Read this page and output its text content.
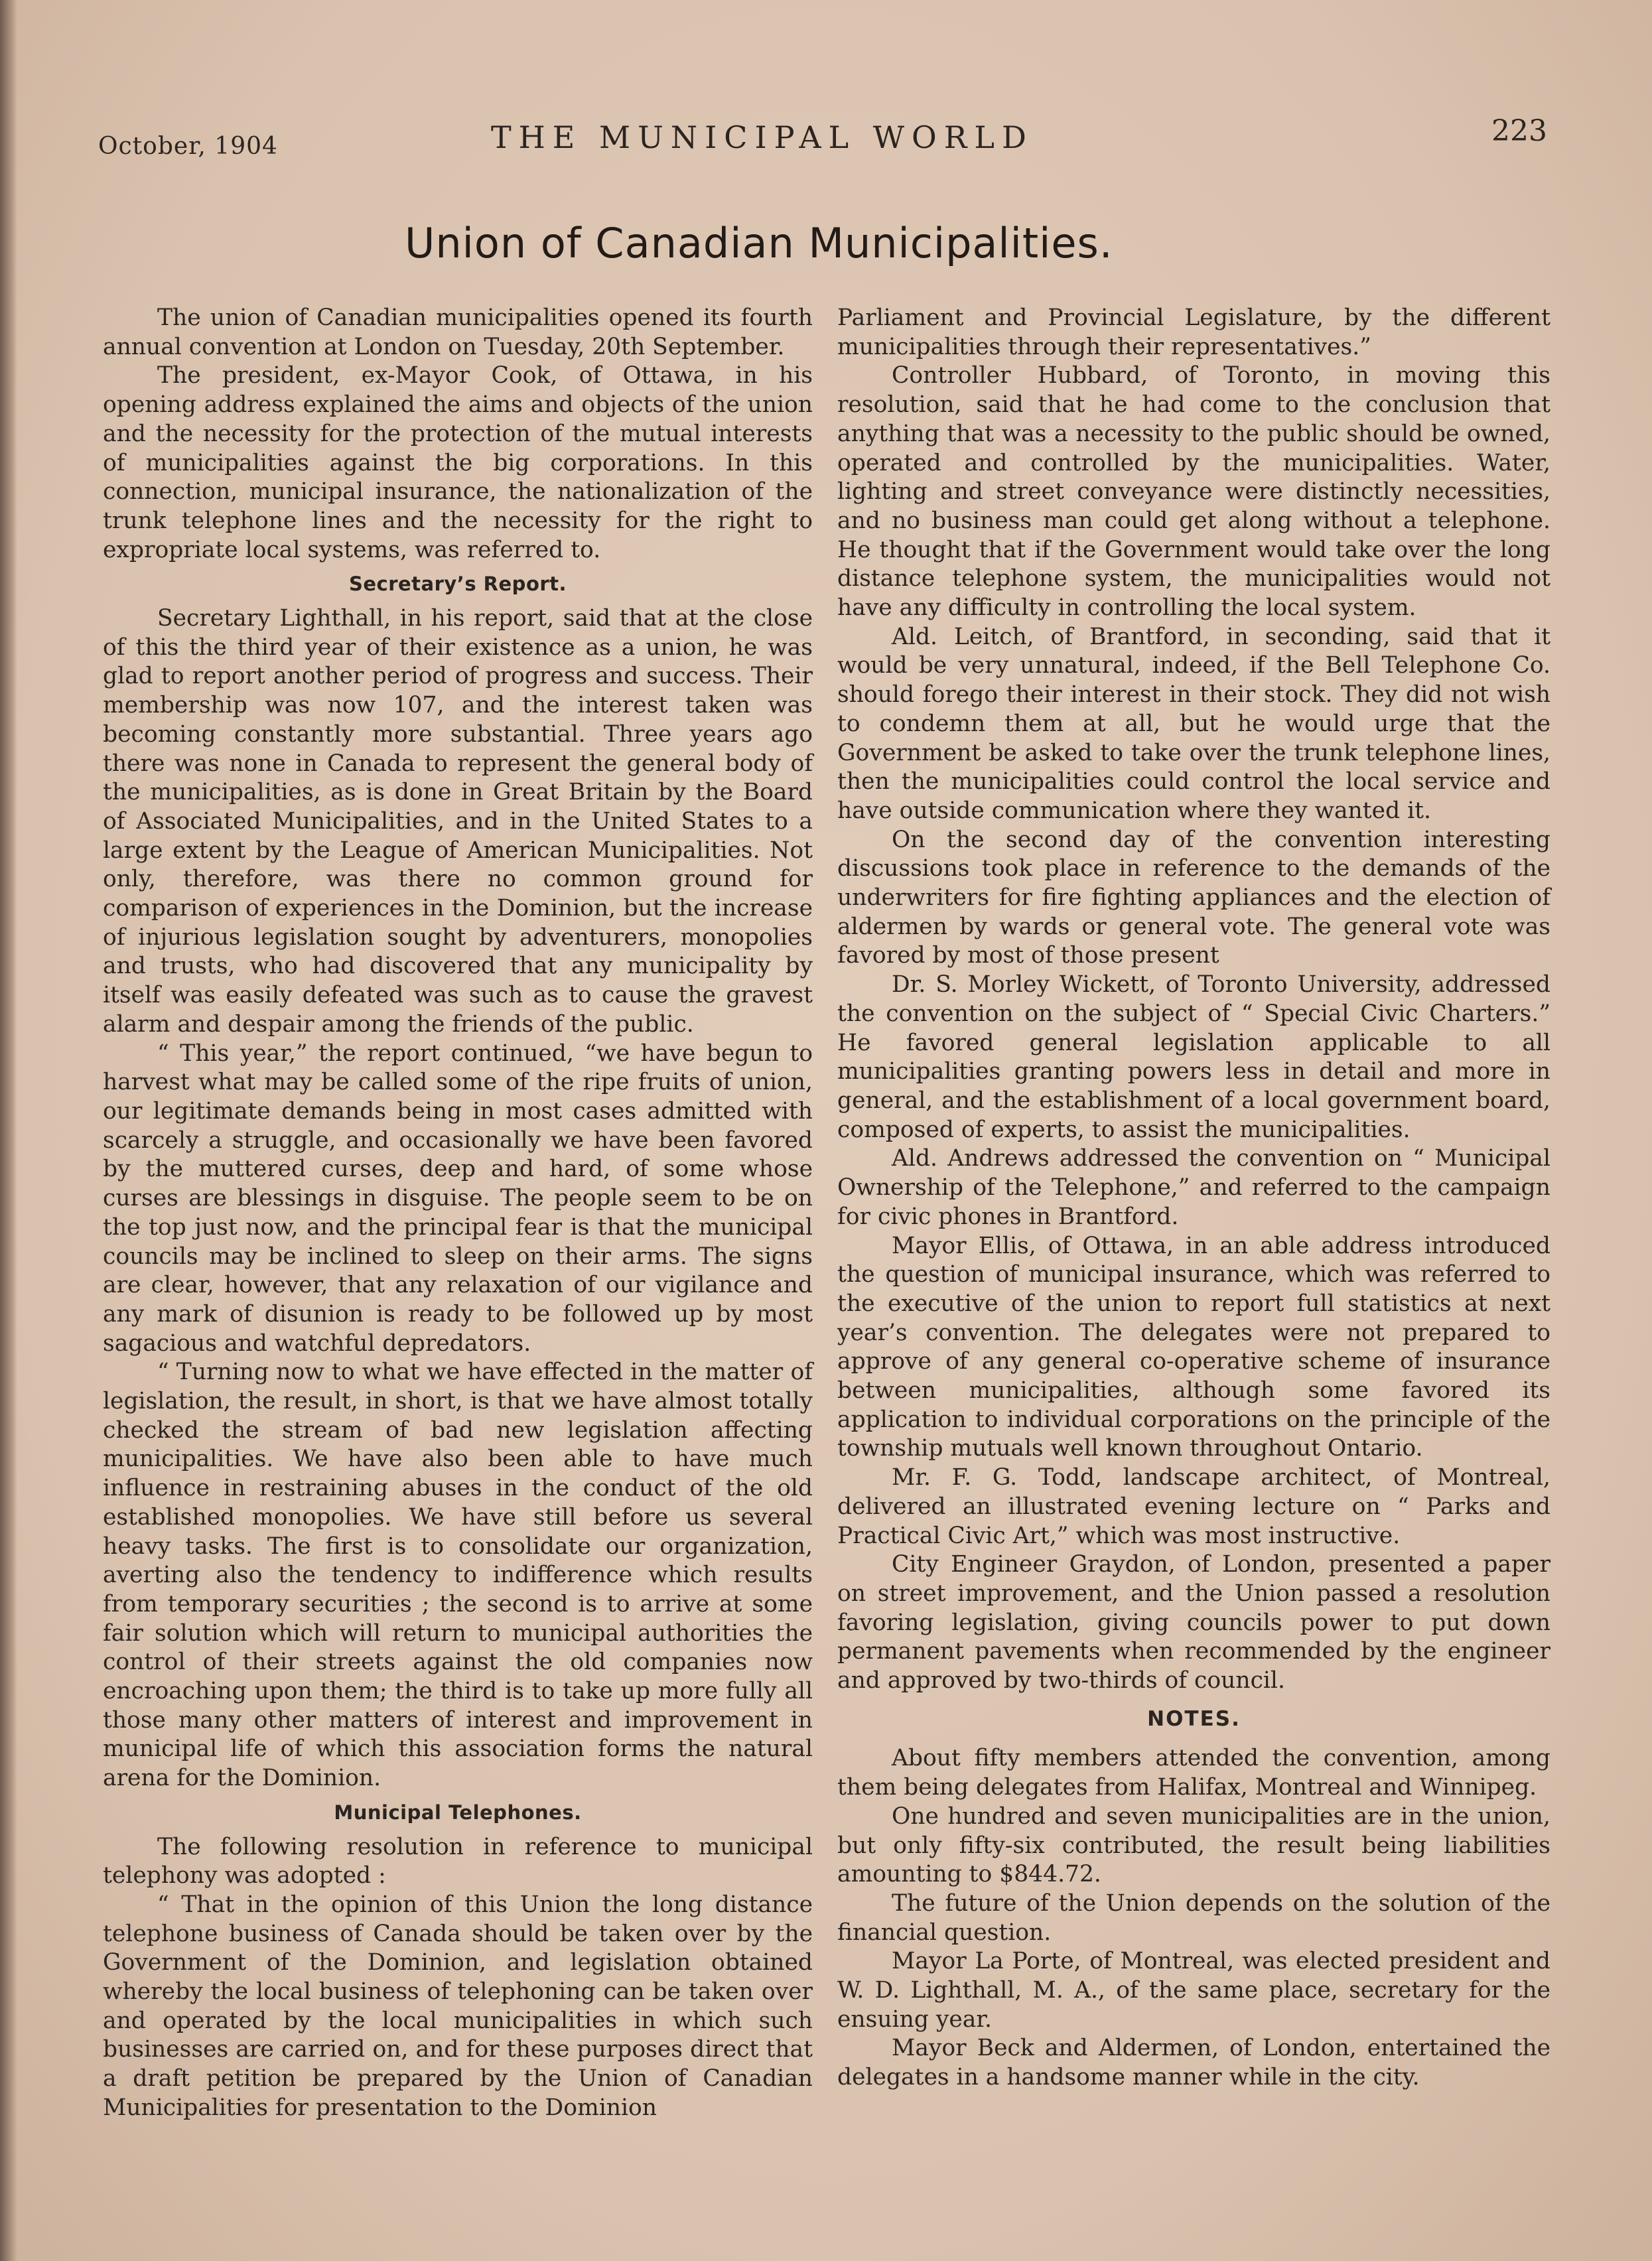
October, 1904	THE MUNICIPAL WORLD	223
Union of Canadian Municipalities.

The union of Canadian municipalities opened its fourth annual convention at London on Tuesday, 20th September.

The president, ex-Mayor Cook, of Ottawa, in his opening address explained the aims and objects of the union and the necessity for the protection of the mutual interests of municipalities against the big corporations. In this connection, municipal insurance, the nationalization of the trunk telephone lines and the necessity for the right to expropriate local systems, was referred to.

Secretary’s Report.

Secretary Lighthall, in his report, said that at the close of this the third year of their existence as a union, he was glad to report another period of progress and success. Their membership was now 107, and the interest taken was becoming constantly more substantial. Three years ago there was none in Canada to represent the general body of the municipalities, as is done in Great Britain by the Board of Associated Municipalities, and in the United States to a large extent by the League of American Municipalities. Not only, therefore, was there no common ground for comparison of experiences in the Dominion, but the increase of injurious legislation sought by adventurers, monopolies and trusts, who had discovered that any municipality by itself was easily defeated was such as to cause the gravest alarm and despair among the friends of the public.

“ This year,” the report continued, “we have begun to harvest what may be called some of the ripe fruits of union, our legitimate demands being in most cases admitted with scarcely a struggle, and occasionally we have been favored by the muttered curses, deep and hard, of some whose curses are blessings in disguise. The people seem to be on the top just now, and the principal fear is that the municipal councils may be inclined to sleep on their arms. The signs are clear, however, that any relaxation of our vigilance and any mark of disunion is ready to be followed up by most sagacious and watchful depredators.

“ Turning now to what we have effected in the matter of legislation, the result, in short, is that we have almost totally checked the stream of bad new legislation affecting municipalities. We have also been able to have much influence in restraining abuses in the conduct of the old established monopolies. We have still before us several heavy tasks. The first is to consolidate our organization, averting also the tendency to indifference which results from temporary securities ; the second is to arrive at some fair solution which will return to municipal authorities the control of their streets against the old companies now encroaching upon them; the third is to take up more fully all those many other matters of interest and improvement in municipal life of which this association forms the natural arena for the Dominion.

Municipal Telephones.

The following resolution in reference to municipal telephony was adopted :

“ That in the opinion of this Union the long distance telephone business of Canada should be taken over by the Government of the Dominion, and legislation obtained whereby the local business of telephoning can be taken over and operated by the local municipalities in which such businesses are carried on, and for these purposes direct that a draft petition be prepared by the Union of Canadian Municipalities for presentation to the Dominion

Parliament and Provincial Legislature, by the different municipalities through their representatives.”

Controller Hubbard, of Toronto, in moving this resolution, said that he had come to the conclusion that anything that was a necessity to the public should be owned, operated and controlled by the municipalities. Water, lighting and street conveyance were distinctly necessities, and no business man could get along without a telephone. He thought that if the Government would take over the long distance telephone system, the municipalities would not have any difficulty in controlling the local system.

Ald. Leitch, of Brantford, in seconding, said that it would be very unnatural, indeed, if the Bell Telephone Co. should forego their interest in their stock. They did not wish to condemn them at all, but he would urge that the Government be asked to take over the trunk telephone lines, then the municipalities could control the local service and have outside communication where they wanted it.

On the second day of the convention interesting discussions took place in reference to the demands of the underwriters for fire fighting appliances and the election of aldermen by wards or general vote. The general vote was favored by most of those present

Dr. S. Morley Wickett, of Toronto University, addressed the convention on the subject of “ Special Civic Charters.” He favored general legislation applicable to all municipalities granting powers less in detail and more in general, and the establishment of a local government board, composed of experts, to assist the municipalities.

Ald. Andrews addressed the convention on “ Municipal Ownership of the Telephone,” and referred to the campaign for civic phones in Brantford.

Mayor Ellis, of Ottawa, in an able address introduced the question of municipal insurance, which was referred to the executive of the union to report full statistics at next year’s convention. The delegates were not prepared to approve of any general co-operative scheme of insurance between municipalities, although some favored its application to individual corporations on the principle of the township mutuals well known throughout Ontario.

Mr. F. G. Todd, landscape architect, of Montreal, delivered an illustrated evening lecture on “ Parks and Practical Civic Art,” which was most instructive.

City Engineer Graydon, of London, presented a paper on street improvement, and the Union passed a resolution favoring legislation, giving councils power to put down permanent pavements when recommended by the engineer and approved by two-thirds of council.

NOTES.

About fifty members attended the convention, among them being delegates from Halifax, Montreal and Winnipeg.

One hundred and seven municipalities are in the union, but only fifty-six contributed, the result being liabilities amounting to $844.72.

The future of the Union depends on the solution of the financial question.

Mayor La Porte, of Montreal, was elected president and W. D. Lighthall, M. A., of the same place, secretary for the ensuing year.

Mayor Beck and Aldermen, of London, entertained the delegates in a handsome manner while in the city.
